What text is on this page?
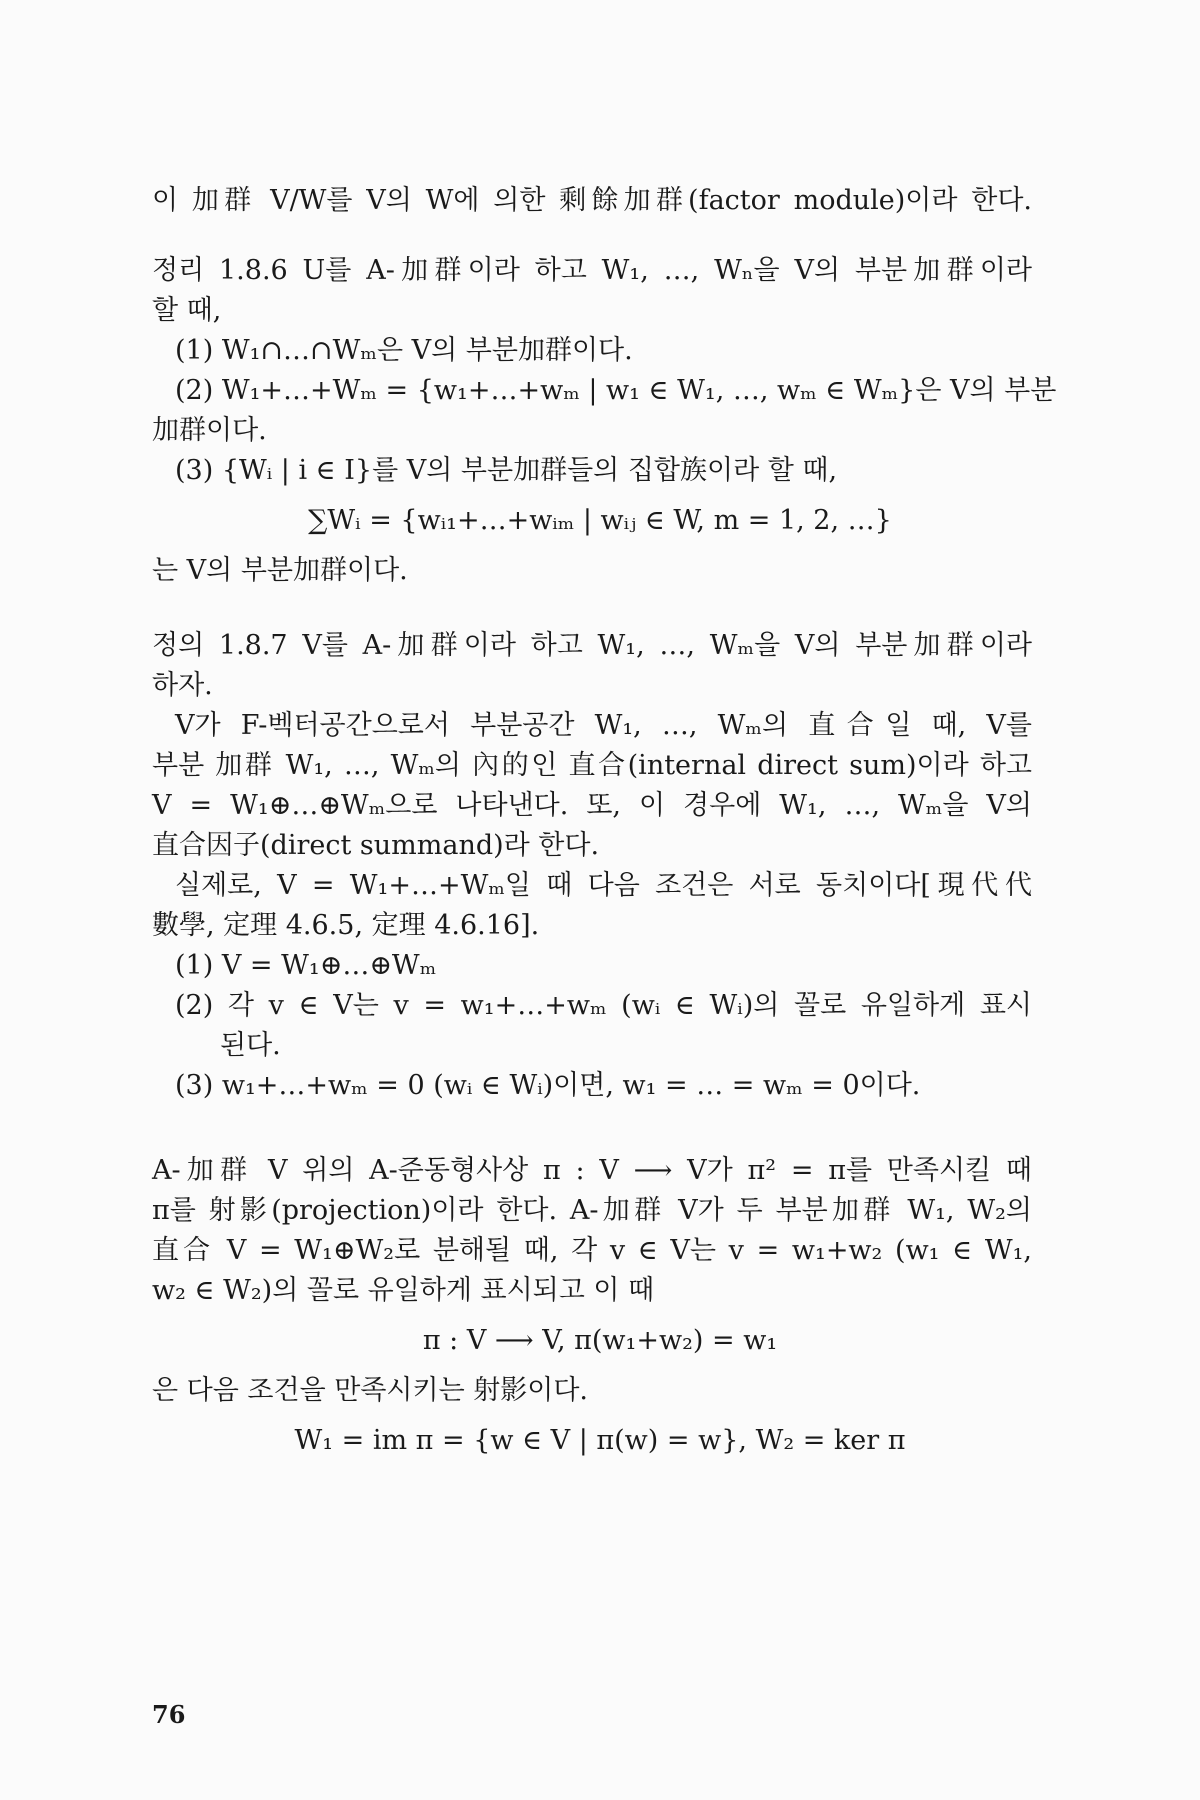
이 加群 V/W를 V의 W에 의한 剩餘加群(factor module)이라 한다.
정리 1.8.6 U를 A-加群이라 하고 W₁, …, Wₙ을 V의 부분加群이라
할 때,
(1) W₁∩…∩Wₘ은 V의 부분加群이다.
(2) W₁+…+Wₘ = {w₁+…+wₘ | w₁ ∈ W₁, …, wₘ ∈ Wₘ}은 V의 부분
加群이다.
(3) {Wᵢ | i ∈ I}를 V의 부분加群들의 집합族이라 할 때,
∑Wᵢ = {wᵢ₁+…+wᵢₘ | wᵢⱼ ∈ W, m = 1, 2, …}
는 V의 부분加群이다.
정의 1.8.7 V를 A-加群이라 하고 W₁, …, Wₘ을 V의 부분加群이라
하자.
V가 F-벡터공간으로서 부분공간 W₁, …, Wₘ의 直合일 때, V를
부분 加群 W₁, …, Wₘ의 內的인 直合(internal direct sum)이라 하고
V = W₁⊕…⊕Wₘ으로 나타낸다. 또, 이 경우에 W₁, …, Wₘ을 V의
直合因子(direct summand)라 한다.
실제로, V = W₁+…+Wₘ일 때 다음 조건은 서로 동치이다[現代代
數學, 定理 4.6.5, 定理 4.6.16].
(1) V = W₁⊕…⊕Wₘ
(2) 각 v ∈ V는 v = w₁+…+wₘ (wᵢ ∈ Wᵢ)의 꼴로 유일하게 표시
된다.
(3) w₁+…+wₘ = 0 (wᵢ ∈ Wᵢ)이면, w₁ = … = wₘ = 0이다.
A-加群 V 위의 A-준동형사상 π : V ⟶ V가 π² = π를 만족시킬 때
π를 射影(projection)이라 한다. A-加群 V가 두 부분加群 W₁, W₂의
直合 V = W₁⊕W₂로 분해될 때, 각 v ∈ V는 v = w₁+w₂ (w₁ ∈ W₁,
w₂ ∈ W₂)의 꼴로 유일하게 표시되고 이 때
π : V ⟶ V, π(w₁+w₂) = w₁
은 다음 조건을 만족시키는 射影이다.
W₁ = im π = {w ∈ V | π(w) = w}, W₂ = ker π
76
